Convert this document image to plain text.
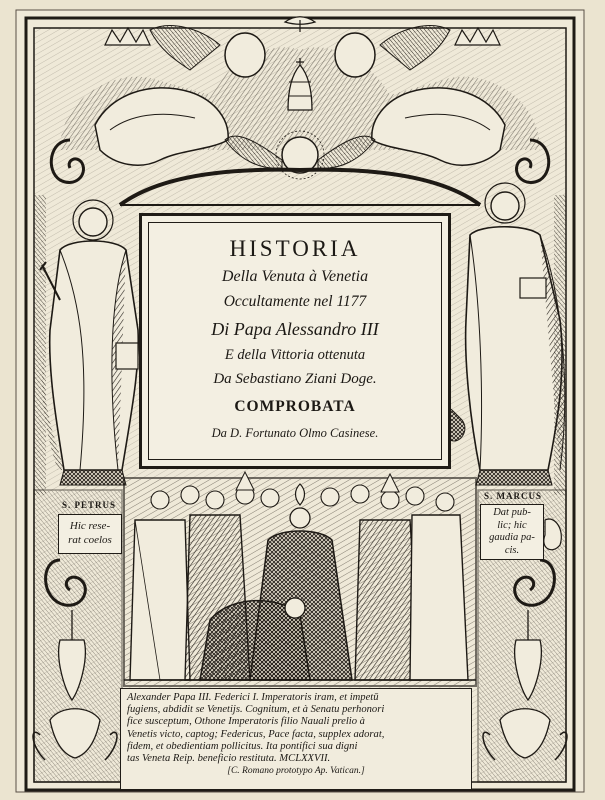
HISTORIA
Della Venuta à Venetia
Occultamente nel 1177
Di Papa Alessandro III
E della Vittoria ottenuta
Da Sebastiano Ziani Doge.
COMPROBATA
Da D. Fortunato Olmo Casinese.
S. PETRUS
Hic rese-
rat coelos
S. MARCUS
Dat pub-
lic; hic
gaudia pa-
cis.
Alexander Papa III. Federici I. Imperatoris iram, et impetū
fugiens, abdidit se Venetijs. Cognitum, et à Senatu perhonori
fice susceptum, Othone Imperatoris filio Nauali prelio à
Venetis victo, captog; Federicus, Pace facta, supplex adorat,
fidem, et obedientiam pollicitus. Ita pontifici sua digni
tas Veneta Reip. beneficio restituta. MCLXXVII.
[C. Romano prototypo Ap. Vatican.]
